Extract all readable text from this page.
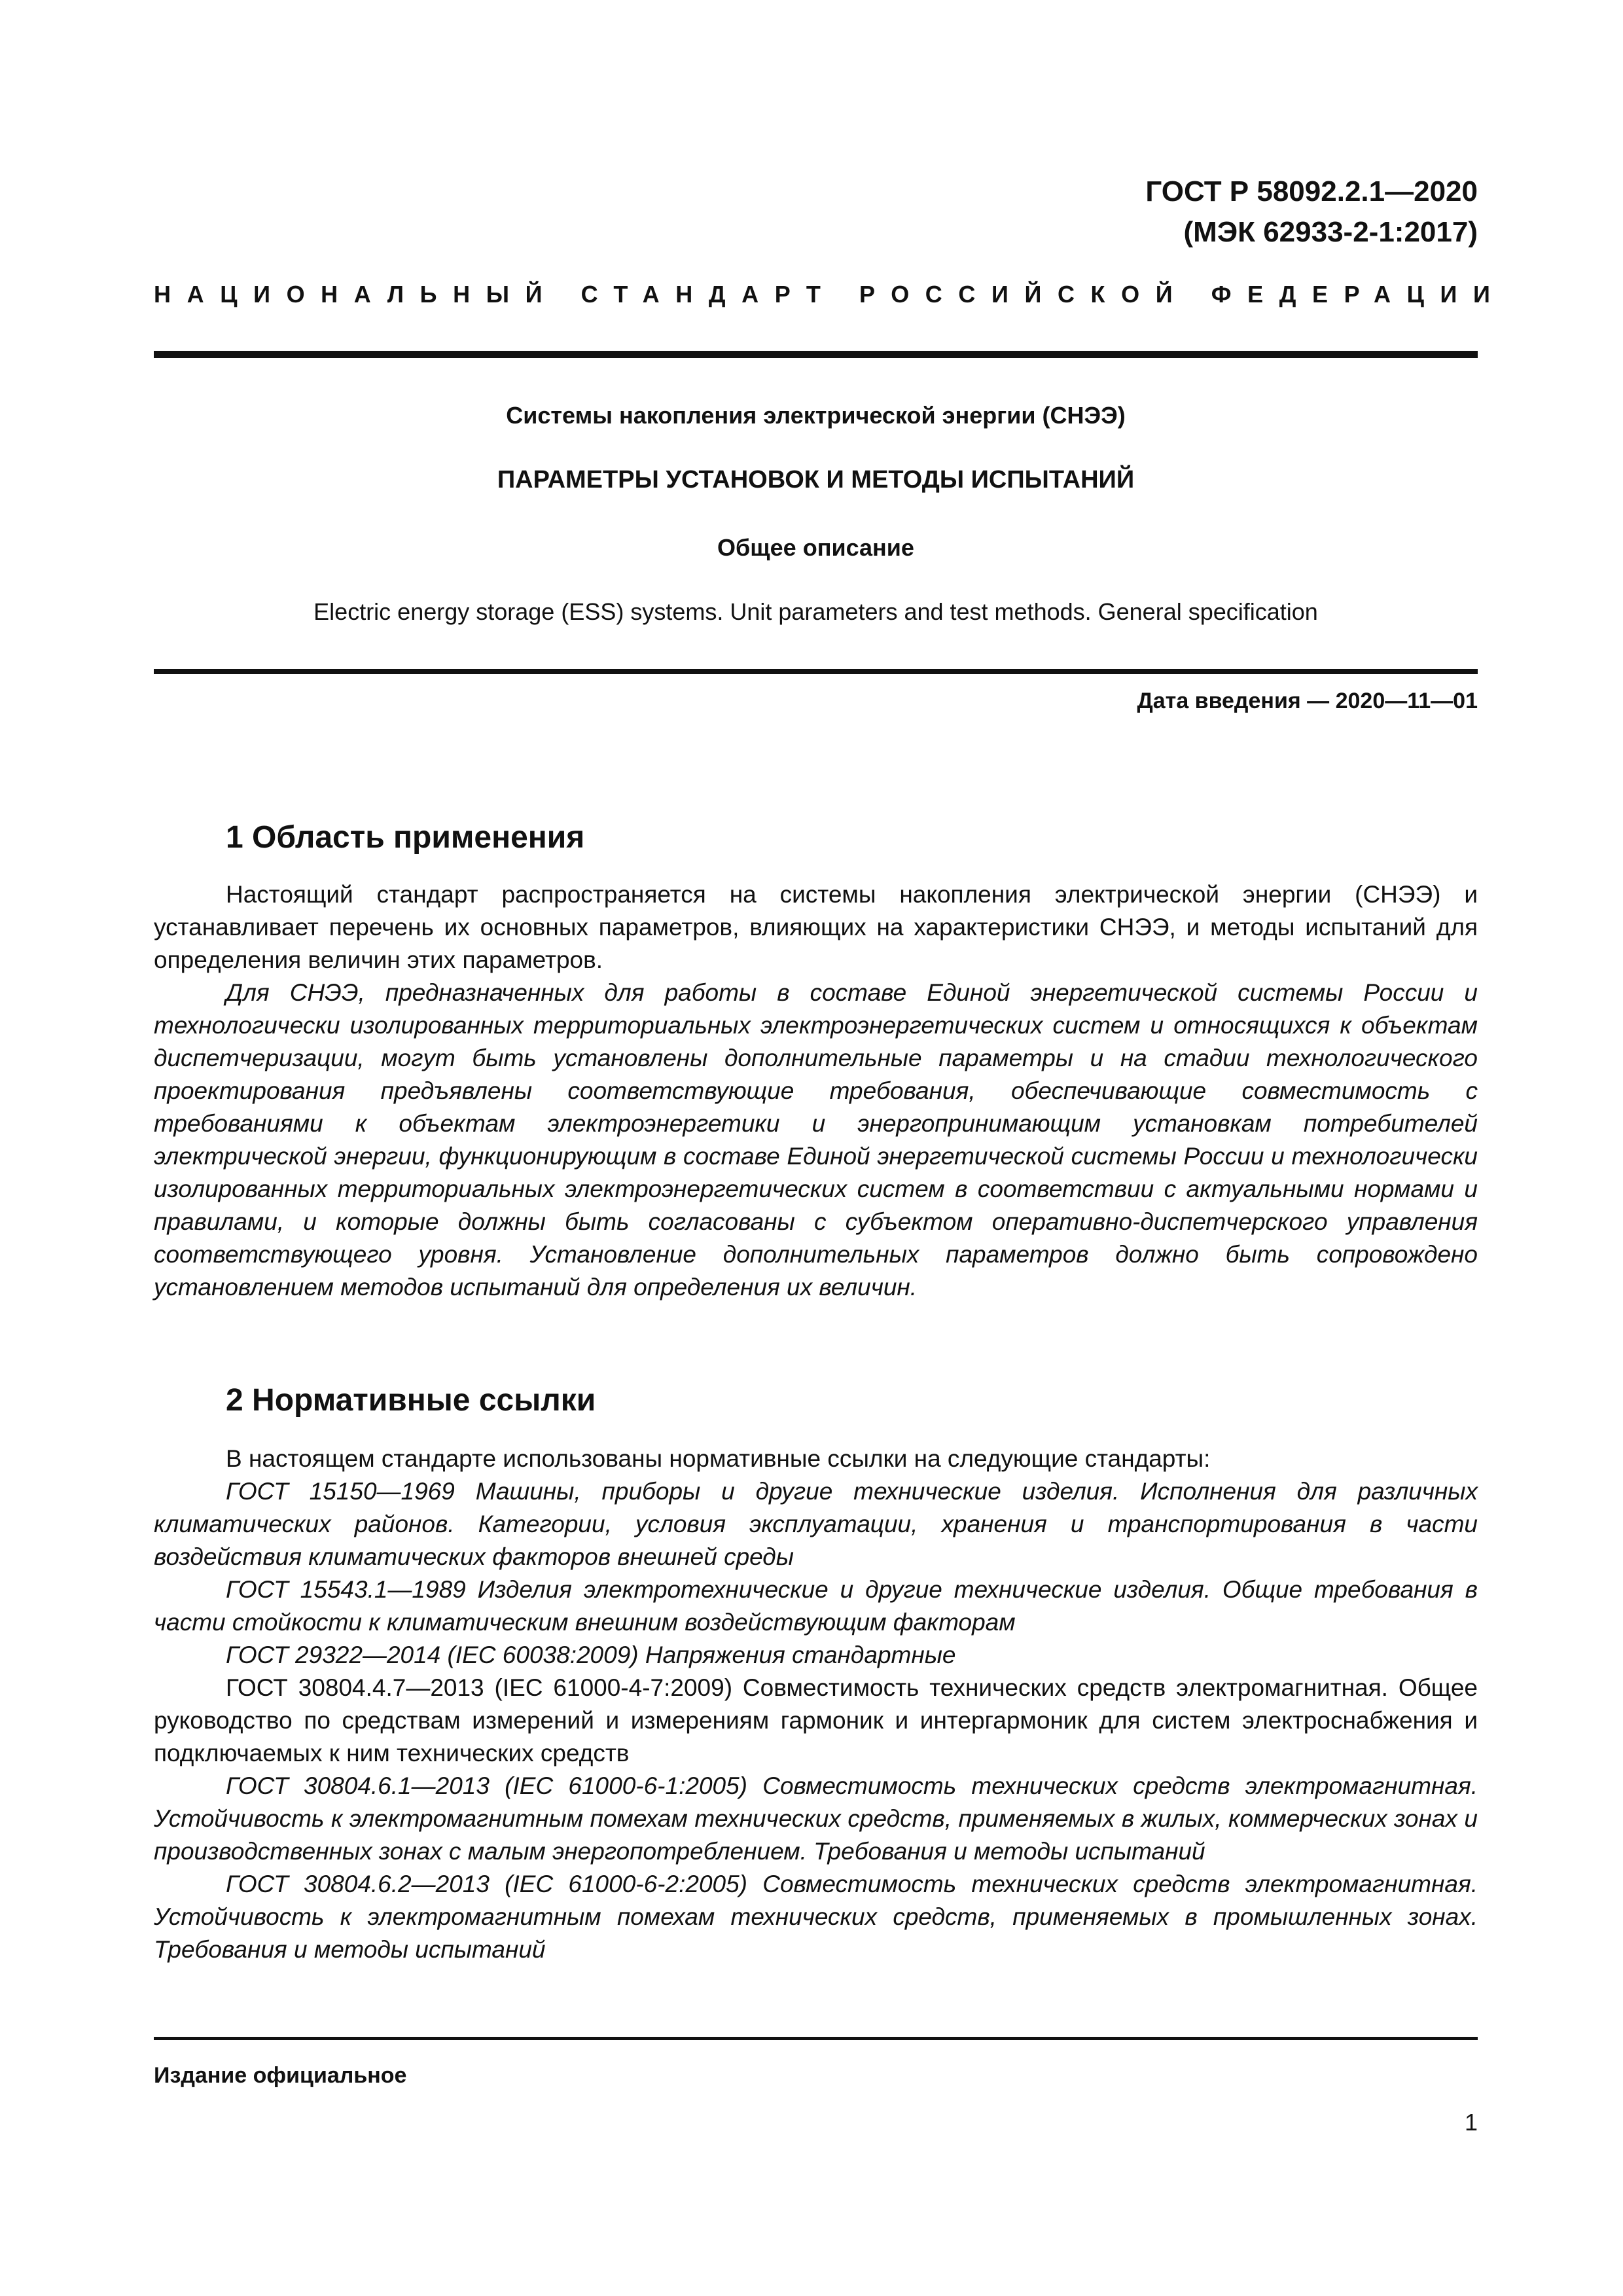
ГОСТ Р 58092.2.1—2020
(МЭК 62933-2-1:2017)
НАЦИОНАЛЬНЫЙ СТАНДАРТ РОССИЙСКОЙ ФЕДЕРАЦИИ
Системы накопления электрической энергии (СНЭЭ)
ПАРАМЕТРЫ УСТАНОВОК И МЕТОДЫ ИСПЫТАНИЙ
Общее описание
Electric energy storage (ESS) systems. Unit parameters and test methods. General specification
Дата введения — 2020—11—01
1 Область применения

Настоящий стандарт распространяется на системы накопления электрической энергии (СНЭЭ) и устанавливает перечень их основных параметров, влияющих на характеристики СНЭЭ, и методы испытаний для определения величин этих параметров.

Для СНЭЭ, предназначенных для работы в составе Единой энергетической системы России и технологически изолированных территориальных электроэнергетических систем и относящихся к объектам диспетчеризации, могут быть установлены дополнительные параметры и на стадии технологического проектирования предъявлены соответствующие требования, обеспечивающие совместимость с требованиями к объектам электроэнергетики и энергопринимающим установкам потребителей электрической энергии, функционирующим в составе Единой энергетической системы России и технологически изолированных территориальных электроэнергетических систем в соответствии с актуальными нормами и правилами, и которые должны быть согласованы с субъектом оперативно-диспетчерского управления соответствующего уровня. Установление дополнительных параметров должно быть сопровождено установлением методов испытаний для определения их величин.

2 Нормативные ссылки

В настоящем стандарте использованы нормативные ссылки на следующие стандарты:

ГОСТ 15150—1969 Машины, приборы и другие технические изделия. Исполнения для различных климатических районов. Категории, условия эксплуатации, хранения и транспортирования в части воздействия климатических факторов внешней среды

ГОСТ 15543.1—1989 Изделия электротехнические и другие технические изделия. Общие требования в части стойкости к климатическим внешним воздействующим факторам

ГОСТ 29322—2014 (IEC 60038:2009) Напряжения стандартные

ГОСТ 30804.4.7—2013 (IEC 61000-4-7:2009) Совместимость технических средств электромагнитная. Общее руководство по средствам измерений и измерениям гармоник и интергармоник для систем электроснабжения и подключаемых к ним технических средств

ГОСТ 30804.6.1—2013 (IEC 61000-6-1:2005) Совместимость технических средств электромагнитная. Устойчивость к электромагнитным помехам технических средств, применяемых в жилых, коммерческих зонах и производственных зонах с малым энергопотреблением. Требования и методы испытаний

ГОСТ 30804.6.2—2013 (IEC 61000-6-2:2005) Совместимость технических средств электромагнитная. Устойчивость к электромагнитным помехам технических средств, применяемых в промышленных зонах. Требования и методы испытаний

Издание официальное
1
